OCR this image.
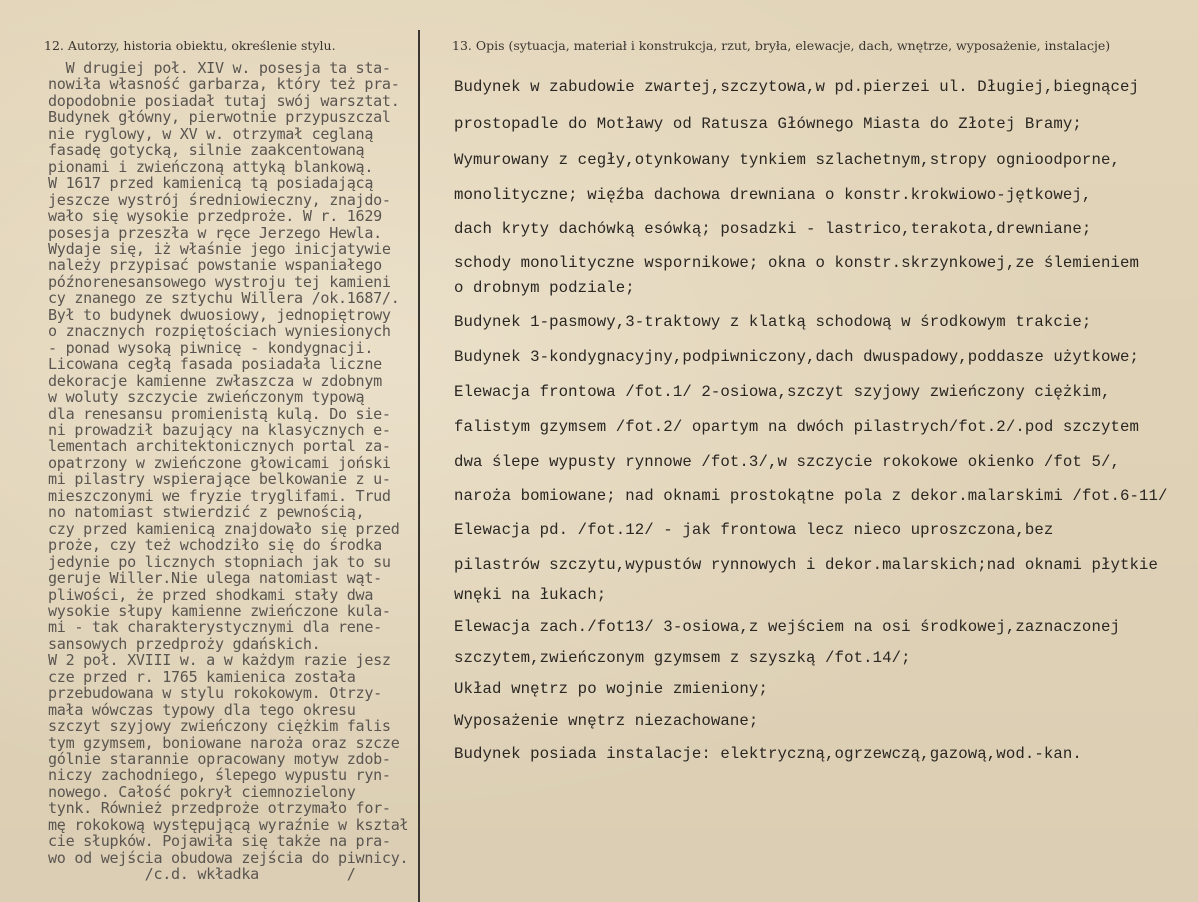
12. Autorzy, historia obiektu, określenie stylu.	13. Opis (sytuacja, materiał i konstrukcja, rzut, bryła, elewacje, dach, wnętrze, wyposażenie, instalacje)
W drugiej poł. XIV w. posesja ta sta-
nowiła własność garbarza, który też pra-
dopodobnie posiadał tutaj swój warsztat.
Budynek główny, pierwotnie przypuszczal
nie ryglowy, w XV w. otrzymał ceglaną
fasadę gotycką, silnie zaakcentowaną
pionami i zwieńczoną attyką blankową.
W 1617 przed kamienicą tą posiadającą
jeszcze wystrój średniowieczny, znajdo-
wało się wysokie przedproże. W r. 1629
posesja przeszła w ręce Jerzego Hewla.
Wydaje się, iż właśnie jego inicjatywie
należy przypisać powstanie wspaniałego
późnorenesansowego wystroju tej kamieni
cy znanego ze sztychu Willera /ok.1687/.
Był to budynek dwuosiowy, jednopiętrowy
o znacznych rozpiętościach wyniesionych
- ponad wysoką piwnicę - kondygnacji.
Licowana cegłą fasada posiadała liczne
dekoracje kamienne zwłaszcza w zdobnym
w woluty szczycie zwieńczonym typową
dla renesansu promienistą kulą. Do sie-
ni prowadził bazujący na klasycznych e-
lementach architektonicznych portal za-
opatrzony w zwieńczone głowicami joński
mi pilastry wspierające belkowanie z u-
mieszczonymi we fryzie tryglifami. Trud
no natomiast stwierdzić z pewnością,
czy przed kamienicą znajdowało się przed
proże, czy też wchodziło się do środka
jedynie po licznych stopniach jak to su
geruje Willer.Nie ulega natomiast wąt-
pliwości, że przed shodkami stały dwa
wysokie słupy kamienne zwieńczone kula-
mi - tak charakterystycznymi dla rene-
sansowych przedproży gdańskich.
W 2 poł. XVIII w. a w każdym razie jesz
cze przed r. 1765 kamienica została
przebudowana w stylu rokokowym. Otrzy-
mała wówczas typowy dla tego okresu
szczyt szyjowy zwieńczony ciężkim falis
tym gzymsem, boniowane naroża oraz szcze
gólnie starannie opracowany motyw zdob-
niczy zachodniego, ślepego wypustu ryn-
nowego. Całość pokrył ciemnozielony
tynk. Również przedproże otrzymało for-
mę rokokową występującą wyraźnie w kształ
cie słupków. Pojawiła się także na pra-
wo od wejścia obudowa zejścia do piwnicy.
/c.d. wkładka          /
Budynek w zabudowie zwartej,szczytowa,w pd.pierzei ul. Długiej,biegnącej
prostopadle do Motławy od Ratusza Głównego Miasta do Złotej Bramy;
Wymurowany z cegły,otynkowany tynkiem szlachetnym,stropy ognioodporne,
monolityczne; więźba dachowa drewniana o konstr.krokwiowo-jętkowej,
dach kryty dachówką esówką; posadzki - lastrico,terakota,drewniane;
schody monolityczne wspornikowe; okna o konstr.skrzynkowej,ze ślemieniem
o drobnym podziale;
Budynek 1-pasmowy,3-traktowy z klatką schodową w środkowym trakcie;
Budynek 3-kondygnacyjny,podpiwniczony,dach dwuspadowy,poddasze użytkowe;
Elewacja frontowa /fot.1/ 2-osiowa,szczyt szyjowy zwieńczony ciężkim,
falistym gzymsem /fot.2/ opartym na dwóch pilastrych/fot.2/.pod szczytem
dwa ślepe wypusty rynnowe /fot.3/,w szczycie rokokowe okienko /fot 5/,
naroża bomiowane; nad oknami prostokątne pola z dekor.malarskimi /fot.6-11/
Elewacja pd. /fot.12/ - jak frontowa lecz nieco uproszczona,bez
pilastrów szczytu,wypustów rynnowych i dekor.malarskich;nad oknami płytkie
wnęki na łukach;
Elewacja zach./fot13/ 3-osiowa,z wejściem na osi środkowej,zaznaczonej
szczytem,zwieńczonym gzymsem z szyszką /fot.14/;
Układ wnętrz po wojnie zmieniony;
Wyposażenie wnętrz niezachowane;
Budynek posiada instalacje: elektryczną,ogrzewczą,gazową,wod.-kan.
